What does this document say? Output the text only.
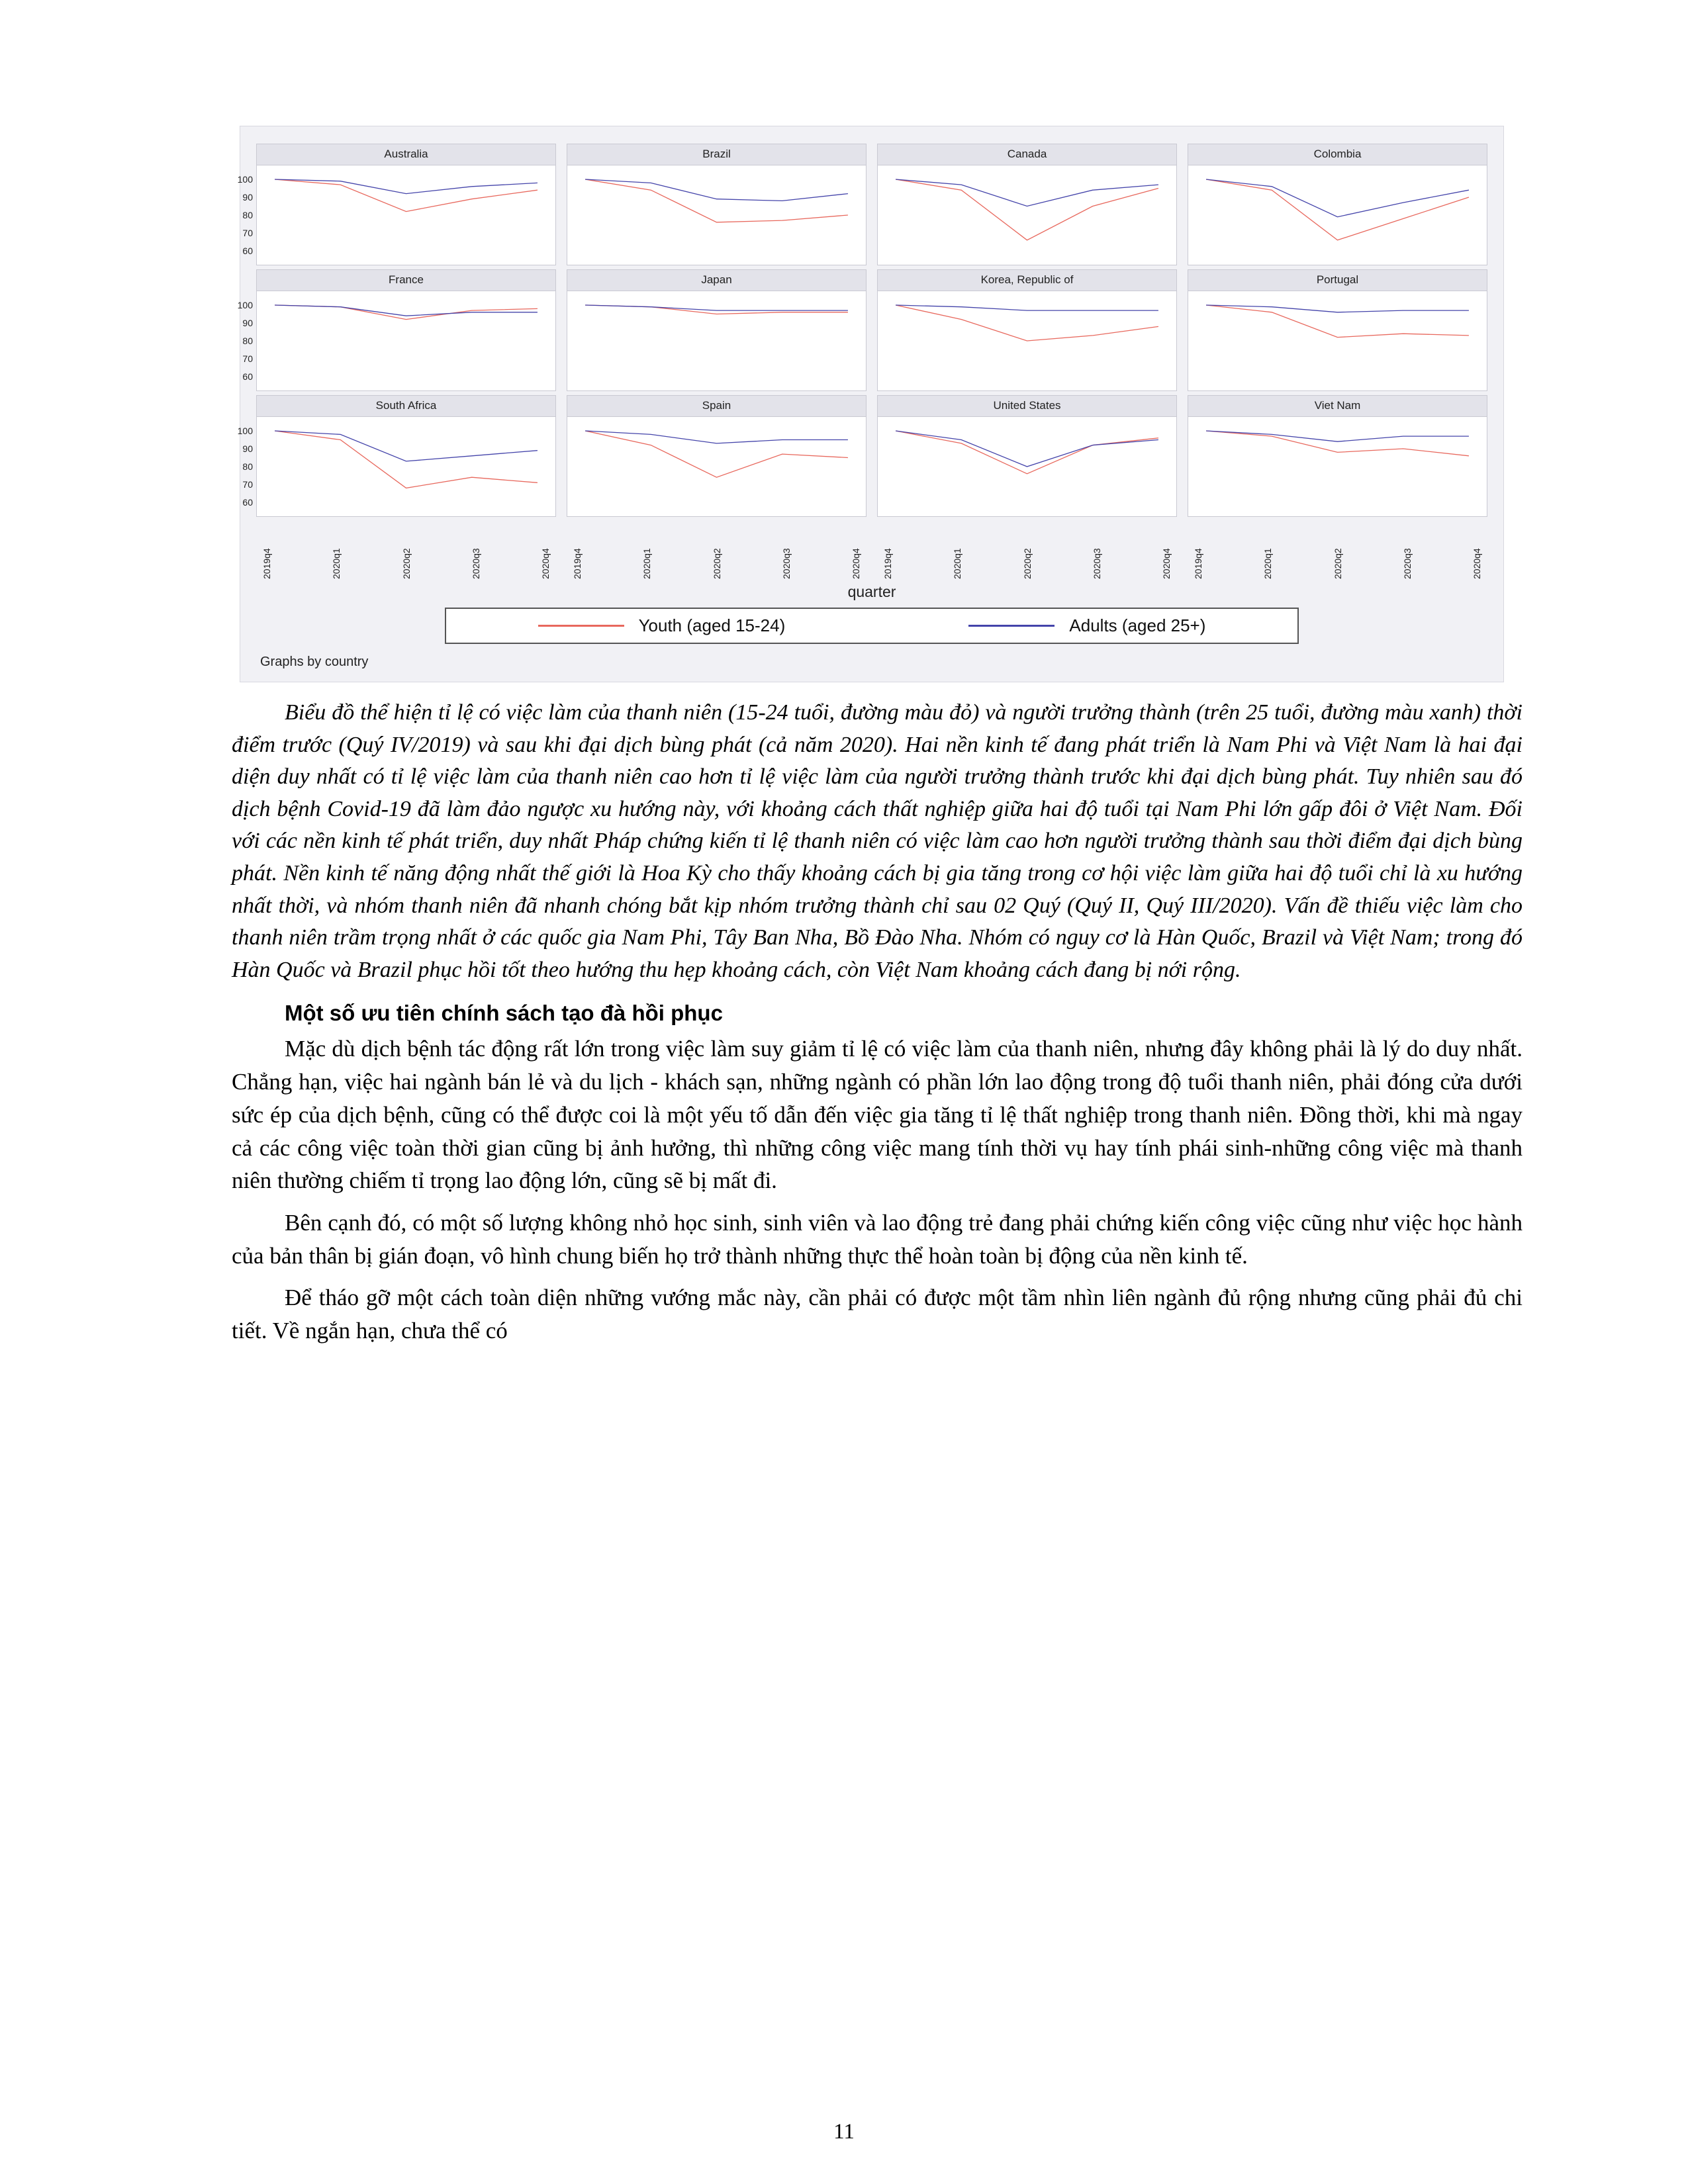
Australia
60
70
80
90
100
Brazil	Canada	Colombia
France
60
70
80
90
100
Japan	Korea, Republic of	Portugal
South Africa
60
70
80
90
100
Spain	United States	Viet Nam
2019q4	2020q1	2020q2	2020q3	2020q4 2019q4	2020q1	2020q2	2020q3	2020q4 2019q4	2020q1	2020q2	2020q3	2020q4 2019q4	2020q1	2020q2	2020q3	2020q4
quarter
Youth (aged 15-24)	Adults (aged 25+)
Graphs by country

Biểu đồ thể hiện tỉ lệ có việc làm của thanh niên (15-24 tuổi, đường màu đỏ) và người trưởng thành (trên 25 tuổi, đường màu xanh) thời điểm trước (Quý IV/2019) và sau khi đại dịch bùng phát (cả năm 2020). Hai nền kinh tế đang phát triển là Nam Phi và Việt Nam là hai đại diện duy nhất có tỉ lệ việc làm của thanh niên cao hơn tỉ lệ việc làm của người trưởng thành trước khi đại dịch bùng phát. Tuy nhiên sau đó dịch bệnh Covid-19 đã làm đảo ngược xu hướng này, với khoảng cách thất nghiệp giữa hai độ tuổi tại Nam Phi lớn gấp đôi ở Việt Nam. Đối với các nền kinh tế phát triển, duy nhất Pháp chứng kiến tỉ lệ thanh niên có việc làm cao hơn người trưởng thành sau thời điểm đại dịch bùng phát. Nền kinh tế năng động nhất thế giới là Hoa Kỳ cho thấy khoảng cách bị gia tăng trong cơ hội việc làm giữa hai độ tuổi chỉ là xu hướng nhất thời, và nhóm thanh niên đã nhanh chóng bắt kịp nhóm trưởng thành chỉ sau 02 Quý (Quý II, Quý III/2020). Vấn đề thiếu việc làm cho thanh niên trầm trọng nhất ở các quốc gia Nam Phi, Tây Ban Nha, Bồ Đào Nha. Nhóm có nguy cơ là Hàn Quốc, Brazil và Việt Nam; trong đó Hàn Quốc và Brazil phục hồi tốt theo hướng thu hẹp khoảng cách, còn Việt Nam khoảng cách đang bị nới rộng.

Một số ưu tiên chính sách tạo đà hồi phục

Mặc dù dịch bệnh tác động rất lớn trong việc làm suy giảm tỉ lệ có việc làm của thanh niên, nhưng đây không phải là lý do duy nhất. Chẳng hạn, việc hai ngành bán lẻ và du lịch - khách sạn, những ngành có phần lớn lao động trong độ tuổi thanh niên, phải đóng cửa dưới sức ép của dịch bệnh, cũng có thể được coi là một yếu tố dẫn đến việc gia tăng tỉ lệ thất nghiệp trong thanh niên. Đồng thời, khi mà ngay cả các công việc toàn thời gian cũng bị ảnh hưởng, thì những công việc mang tính thời vụ hay tính phái sinh-những công việc mà thanh niên thường chiếm tỉ trọng lao động lớn, cũng sẽ bị mất đi.

Bên cạnh đó, có một số lượng không nhỏ học sinh, sinh viên và lao động trẻ đang phải chứng kiến công việc cũng như việc học hành của bản thân bị gián đoạn, vô hình chung biến họ trở thành những thực thể hoàn toàn bị động của nền kinh tế.

Để tháo gỡ một cách toàn diện những vướng mắc này, cần phải có được một tầm nhìn liên ngành đủ rộng nhưng cũng phải đủ chi tiết. Về ngắn hạn, chưa thể có

11
